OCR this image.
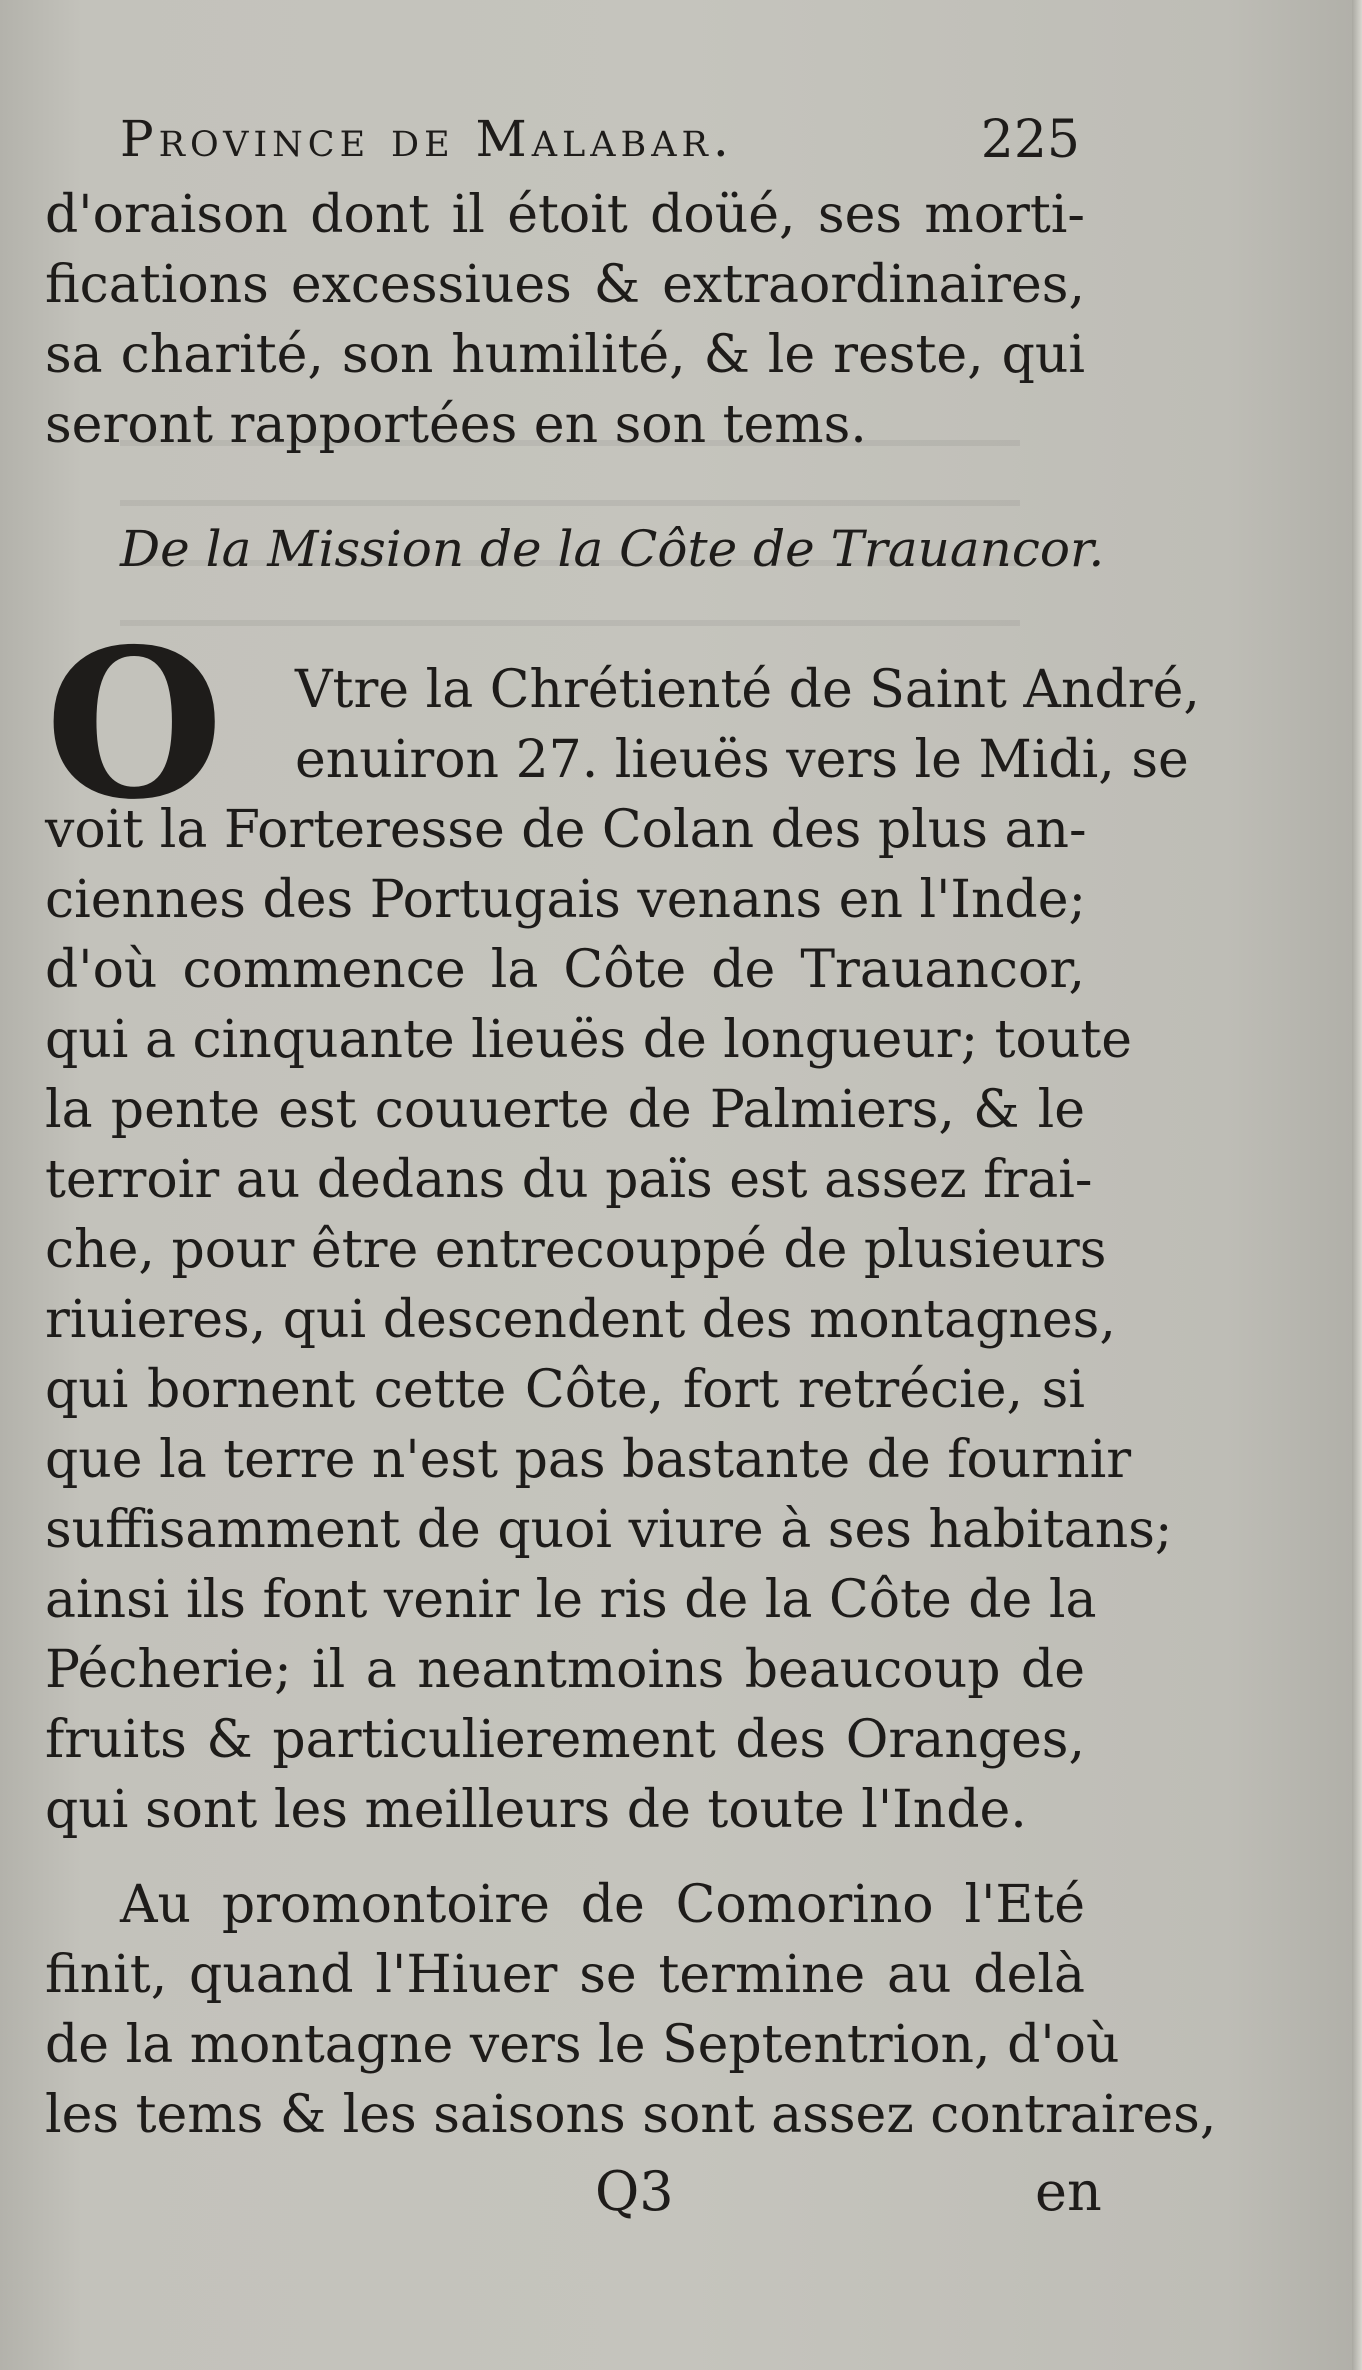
Province de Malabar.	225
d'oraison dont il étoit doüé, ses morti-
fications excessiues & extraordinaires,
sa charité, son humilité, & le reste, qui
seront rapportées en son tems.
De la Mission de la Côte de Trauancor.
O	Vtre la Chrétienté de Saint André,
enuiron 27. lieuës vers le Midi, se
voit la Forteresse de Colan des plus an-
ciennes des Portugais venans en l'Inde;
d'où commence la Côte de Trauancor,
qui a cinquante lieuës de longueur; toute
la pente est couuerte de Palmiers, & le
terroir au dedans du païs est assez frai-
che, pour être entrecouppé de plusieurs
riuieres, qui descendent des montagnes,
qui bornent cette Côte, fort retrécie, si
que la terre n'est pas bastante de fournir
suffisamment de quoi viure à ses habitans;
ainsi ils font venir le ris de la Côte de la
Pécherie; il a neantmoins beaucoup de
fruits & particulierement des Oranges,
qui sont les meilleurs de toute l'Inde.
Au promontoire de Comorino l'Eté
finit, quand l'Hiuer se termine au delà
de la montagne vers le Septentrion, d'où
les tems & les saisons sont assez contraires,
Q3	en
